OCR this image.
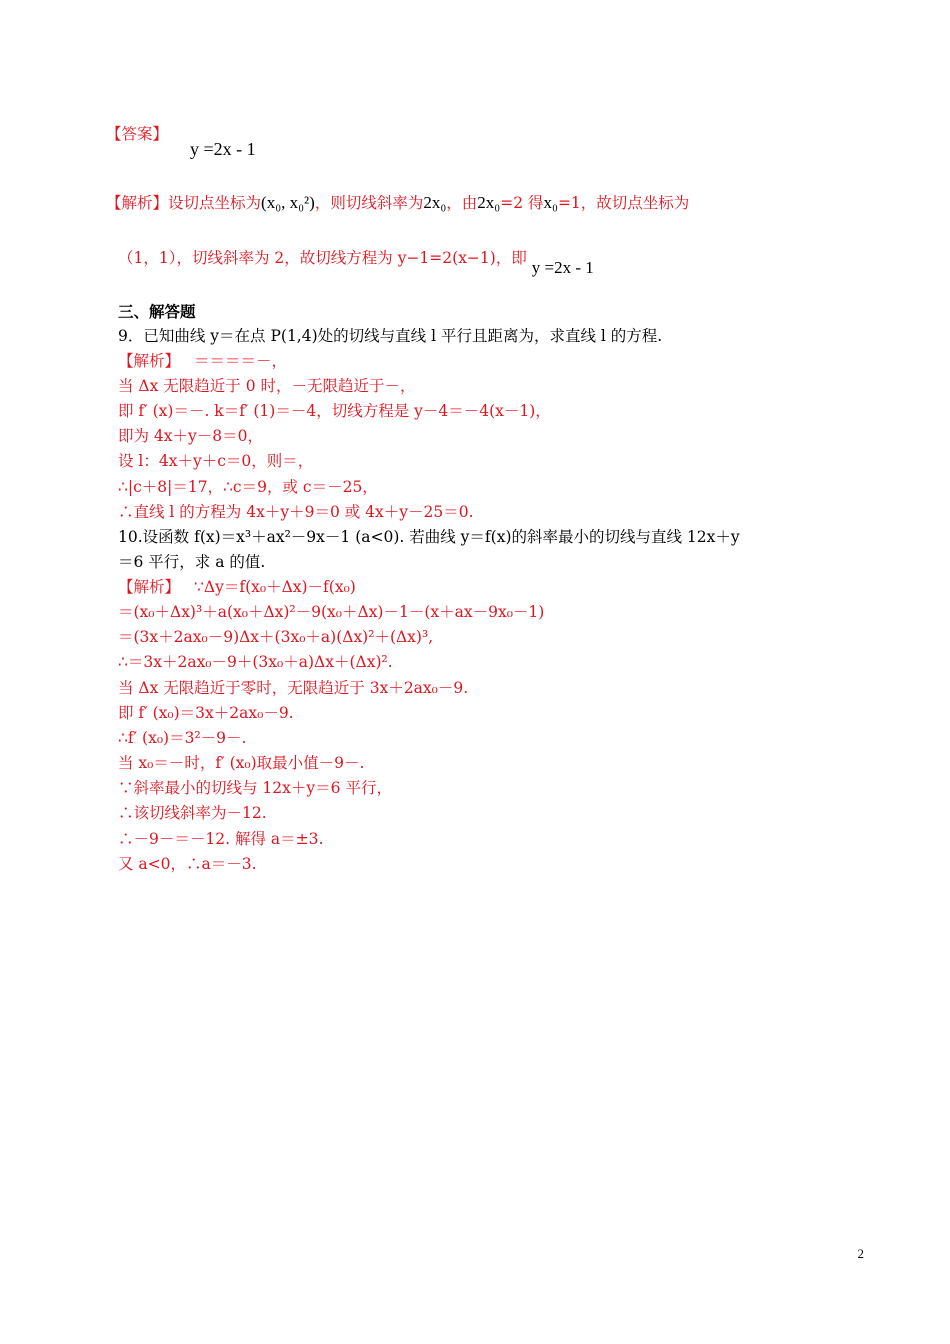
【答案】
y =2x - 1
【解析】设切点坐标为(x₀, x₀²)，则切线斜率为2x₀，由2x₀=2 得x₀=1，故切点坐标为
（1，1），切线斜率为 2，故切线方程为 y−1=2(x−1)，即 y =2x - 1
三、解答题
9．已知曲线 y＝在点 P(1,4)处的切线与直线 l 平行且距离为，求直线 l 的方程.
【解析】 ＝＝＝＝－，
当 Δx 无限趋近于 0 时，－无限趋近于－，
即 f′ (x)＝－. k＝f′ (1)＝－4，切线方程是 y－4＝－4(x－1)，
即为 4x＋y－8＝0，
设 l：4x＋y＋c＝0，则＝，
∴|c＋8|＝17，∴c＝9，或 c＝－25，
∴直线 l 的方程为 4x＋y＋9＝0 或 4x＋y－25＝0.
10.设函数 f(x)＝x³＋ax²－9x－1 (a<0). 若曲线 y＝f(x)的斜率最小的切线与直线 12x＋y
＝6 平行，求 a 的值.
【解析】 ∵Δy＝f(x₀＋Δx)－f(x₀)
＝(x₀＋Δx)³＋a(x₀＋Δx)²－9(x₀＋Δx)－1－(x＋ax－9x₀－1)
＝(3x＋2ax₀－9)Δx＋(3x₀＋a)(Δx)²＋(Δx)³,
∴＝3x＋2ax₀－9＋(3x₀＋a)Δx＋(Δx)².
当 Δx 无限趋近于零时，无限趋近于 3x＋2ax₀－9.
即 f′ (x₀)＝3x＋2ax₀－9.
∴f′ (x₀)＝3²－9－.
当 x₀＝－时，f′ (x₀)取最小值－9－.
∵斜率最小的切线与 12x＋y＝6 平行，
∴该切线斜率为－12.
∴－9－＝－12. 解得 a＝±3.
又 a<0，∴a＝－3.
2
